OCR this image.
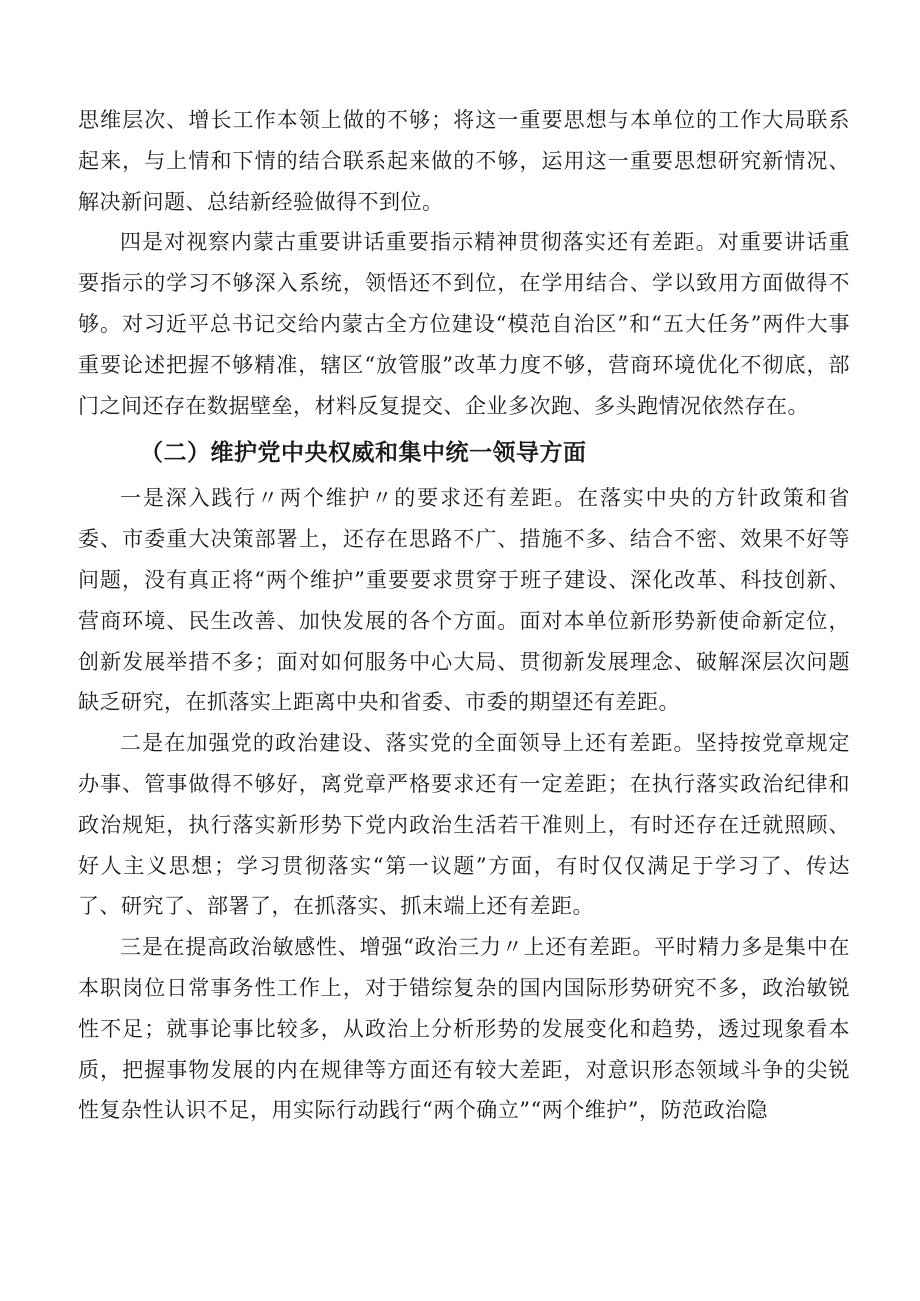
思维层次、增长工作本领上做的不够；将这一重要思想与本单位的工作大局联系起来，与上情和下情的结合联系起来做的不够，运用这一重要思想研究新情况、解决新问题、总结新经验做得不到位。

四是对视察内蒙古重要讲话重要指示精神贯彻落实还有差距。对重要讲话重要指示的学习不够深入系统，领悟还不到位，在学用结合、学以致用方面做得不够。对习近平总书记交给内蒙古全方位建设“模范自治区”和“五大任务”两件大事重要论述把握不够精准，辖区“放管服”改革力度不够，营商环境优化不彻底，部门之间还存在数据壁垒，材料反复提交、企业多次跑、多头跑情况依然存在。

（二）维护党中央权威和集中统一领导方面

一是深入践行〃两个维护〃的要求还有差距。在落实中央的方针政策和省委、市委重大决策部署上，还存在思路不广、措施不多、结合不密、效果不好等问题，没有真正将“两个维护”重要要求贯穿于班子建设、深化改革、科技创新、营商环境、民生改善、加快发展的各个方面。面对本单位新形势新使命新定位，创新发展举措不多；面对如何服务中心大局、贯彻新发展理念、破解深层次问题缺乏研究，在抓落实上距离中央和省委、市委的期望还有差距。

二是在加强党的政治建设、落实党的全面领导上还有差距。坚持按党章规定办事、管事做得不够好，离党章严格要求还有一定差距；在执行落实政治纪律和政治规矩，执行落实新形势下党内政治生活若干准则上，有时还存在迁就照顾、好人主义思想；学习贯彻落实“第一议题”方面，有时仅仅满足于学习了、传达了、研究了、部署了，在抓落实、抓末端上还有差距。

三是在提高政治敏感性、增强“政治三力〃上还有差距。平时精力多是集中在本职岗位日常事务性工作上，对于错综复杂的国内国际形势研究不多，政治敏锐性不足；就事论事比较多，从政治上分析形势的发展变化和趋势，透过现象看本质，把握事物发展的内在规律等方面还有较大差距，对意识形态领域斗争的尖锐性复杂性认识不足，用实际行动践行“两个确立”“两个维护”，防范政治隐
